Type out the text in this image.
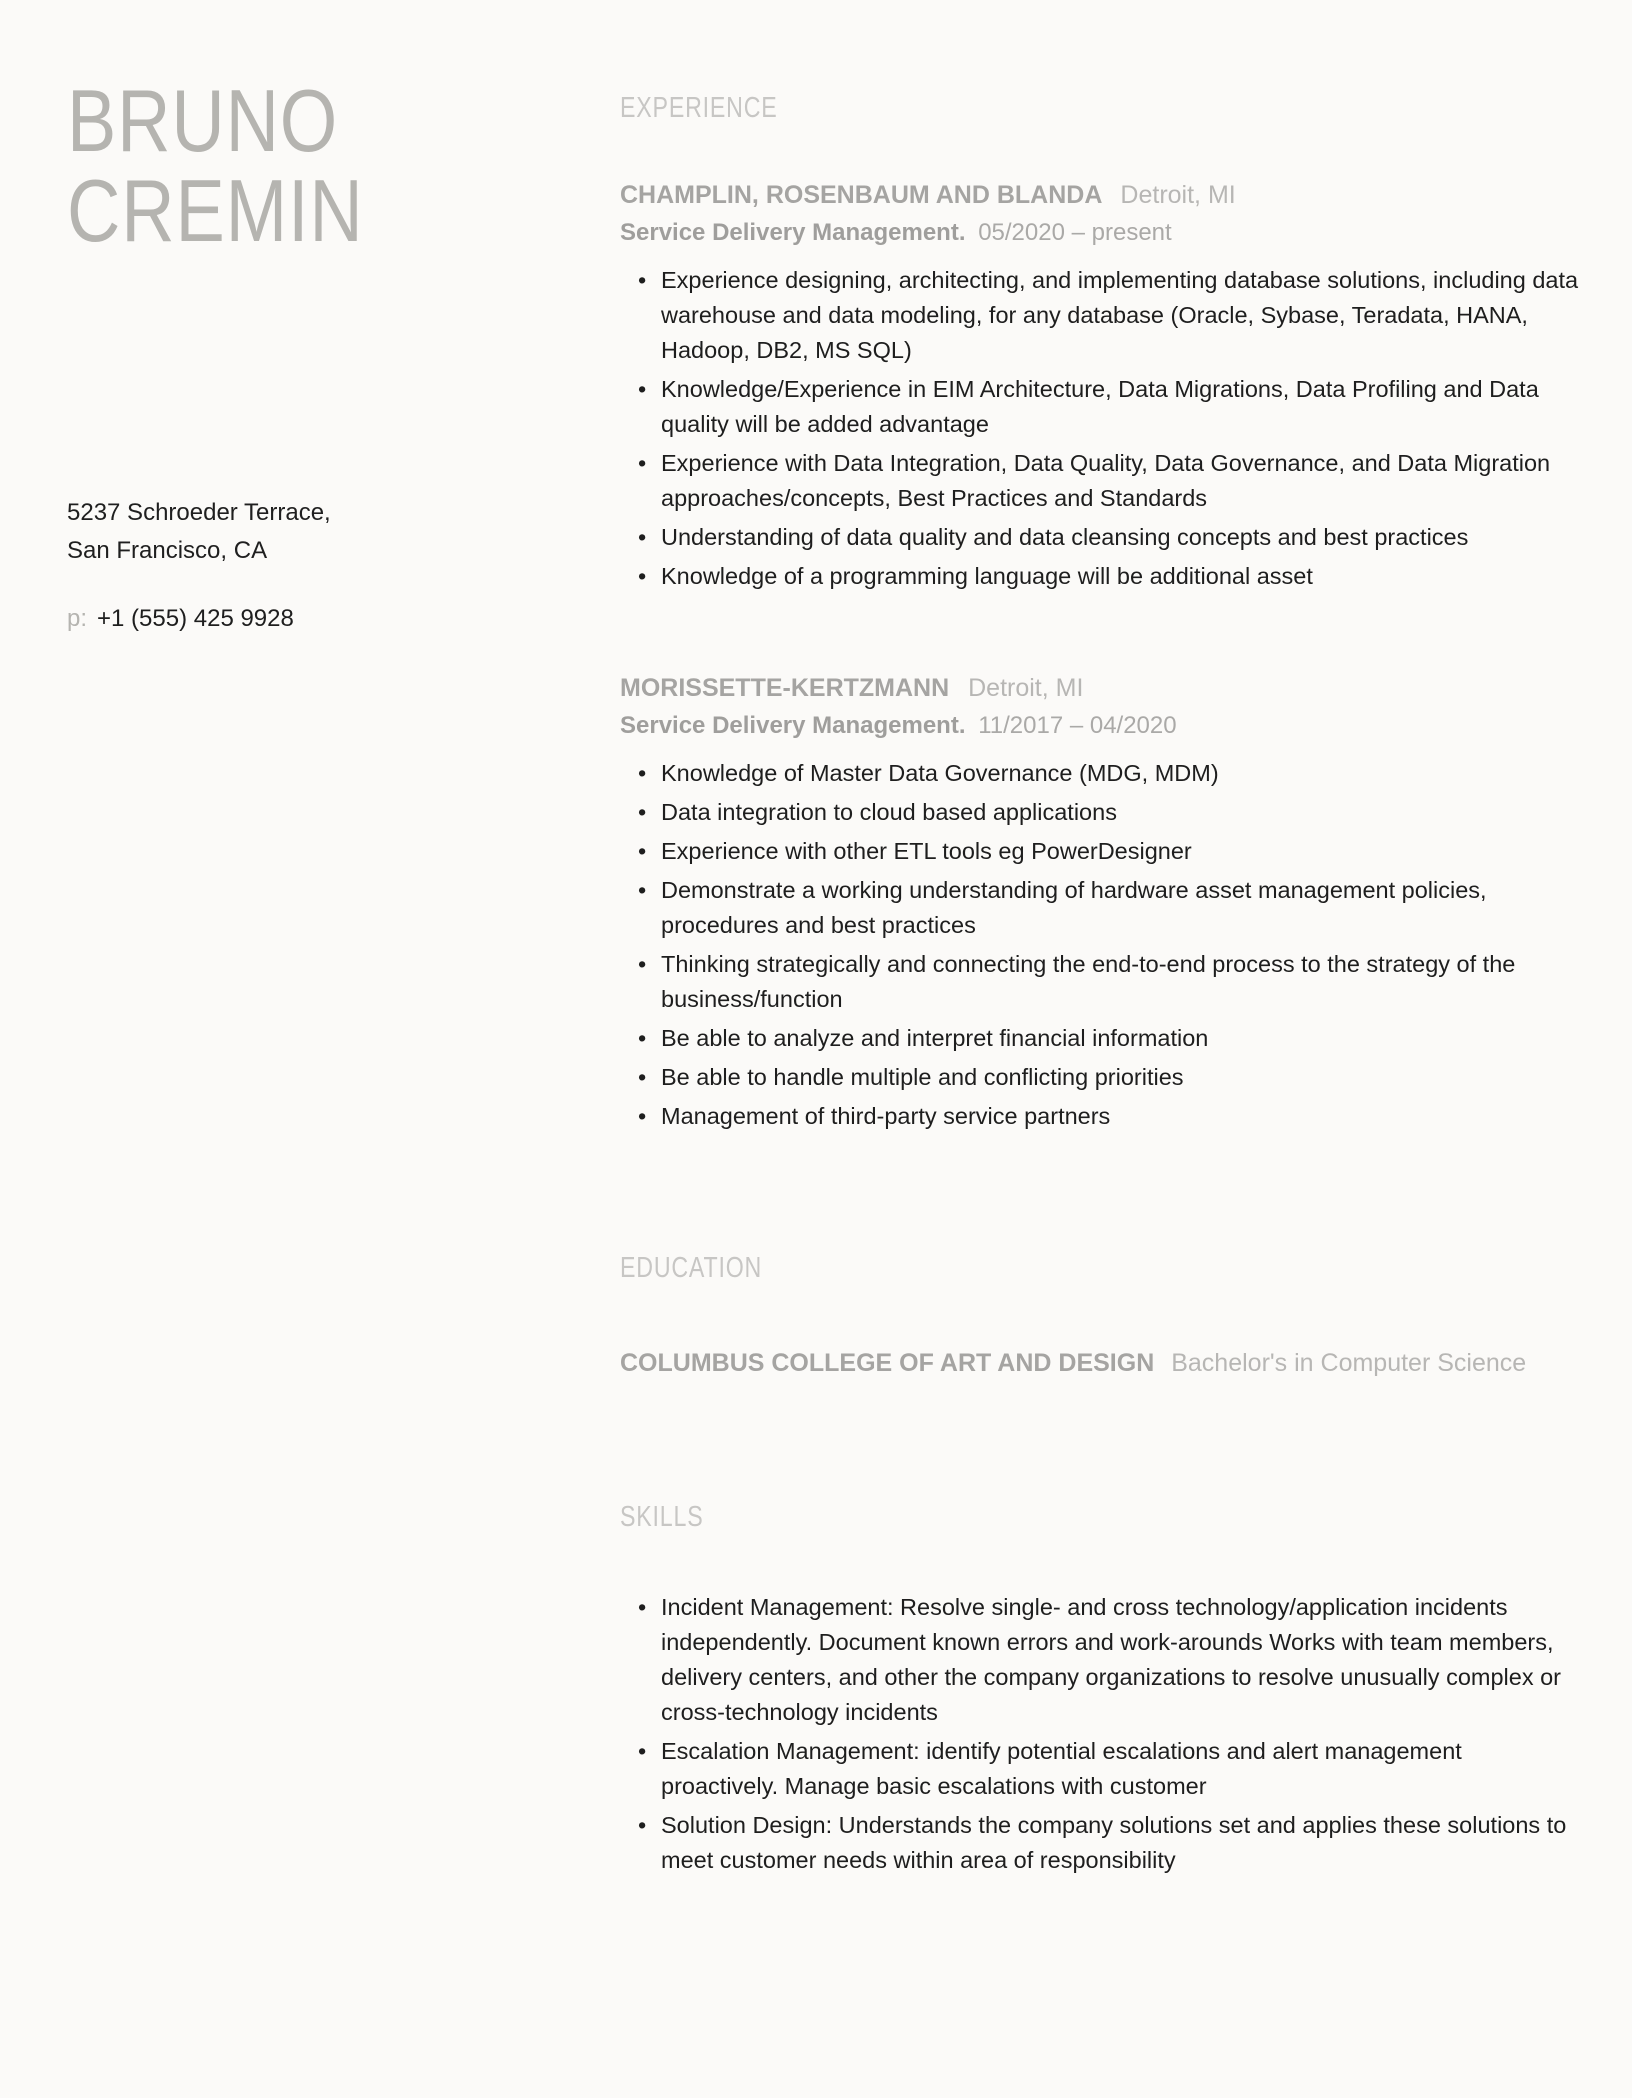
BRUNO
CREMIN
5237 Schroeder Terrace,
San Francisco, CA
p: +1 (555) 425 9928
EXPERIENCE
CHAMPLIN, ROSENBAUM AND BLANDA Detroit, MI
Service Delivery Management. 05/2020 – present
• Experience designing, architecting, and implementing database solutions, including data warehouse and data modeling, for any database (Oracle, Sybase, Teradata, HANA, Hadoop, DB2, MS SQL)
• Knowledge/Experience in EIM Architecture, Data Migrations, Data Profiling and Data quality will be added advantage
• Experience with Data Integration, Data Quality, Data Governance, and Data Migration approaches/concepts, Best Practices and Standards
• Understanding of data quality and data cleansing concepts and best practices
• Knowledge of a programming language will be additional asset
MORISSETTE-KERTZMANN Detroit, MI
Service Delivery Management. 11/2017 – 04/2020
• Knowledge of Master Data Governance (MDG, MDM)
• Data integration to cloud based applications
• Experience with other ETL tools eg PowerDesigner
• Demonstrate a working understanding of hardware asset management policies, procedures and best practices
• Thinking strategically and connecting the end-to-end process to the strategy of the business/function
• Be able to analyze and interpret financial information
• Be able to handle multiple and conflicting priorities
• Management of third-party service partners
EDUCATION

COLUMBUS COLLEGE OF ART AND DESIGN Bachelor's in Computer Science

SKILLS
• Incident Management: Resolve single- and cross technology/application incidents independently. Document known errors and work-arounds Works with team members, delivery centers, and other the company organizations to resolve unusually complex or cross-technology incidents
• Escalation Management: identify potential escalations and alert management proactively. Manage basic escalations with customer
• Solution Design: Understands the company solutions set and applies these solutions to meet customer needs within area of responsibility
